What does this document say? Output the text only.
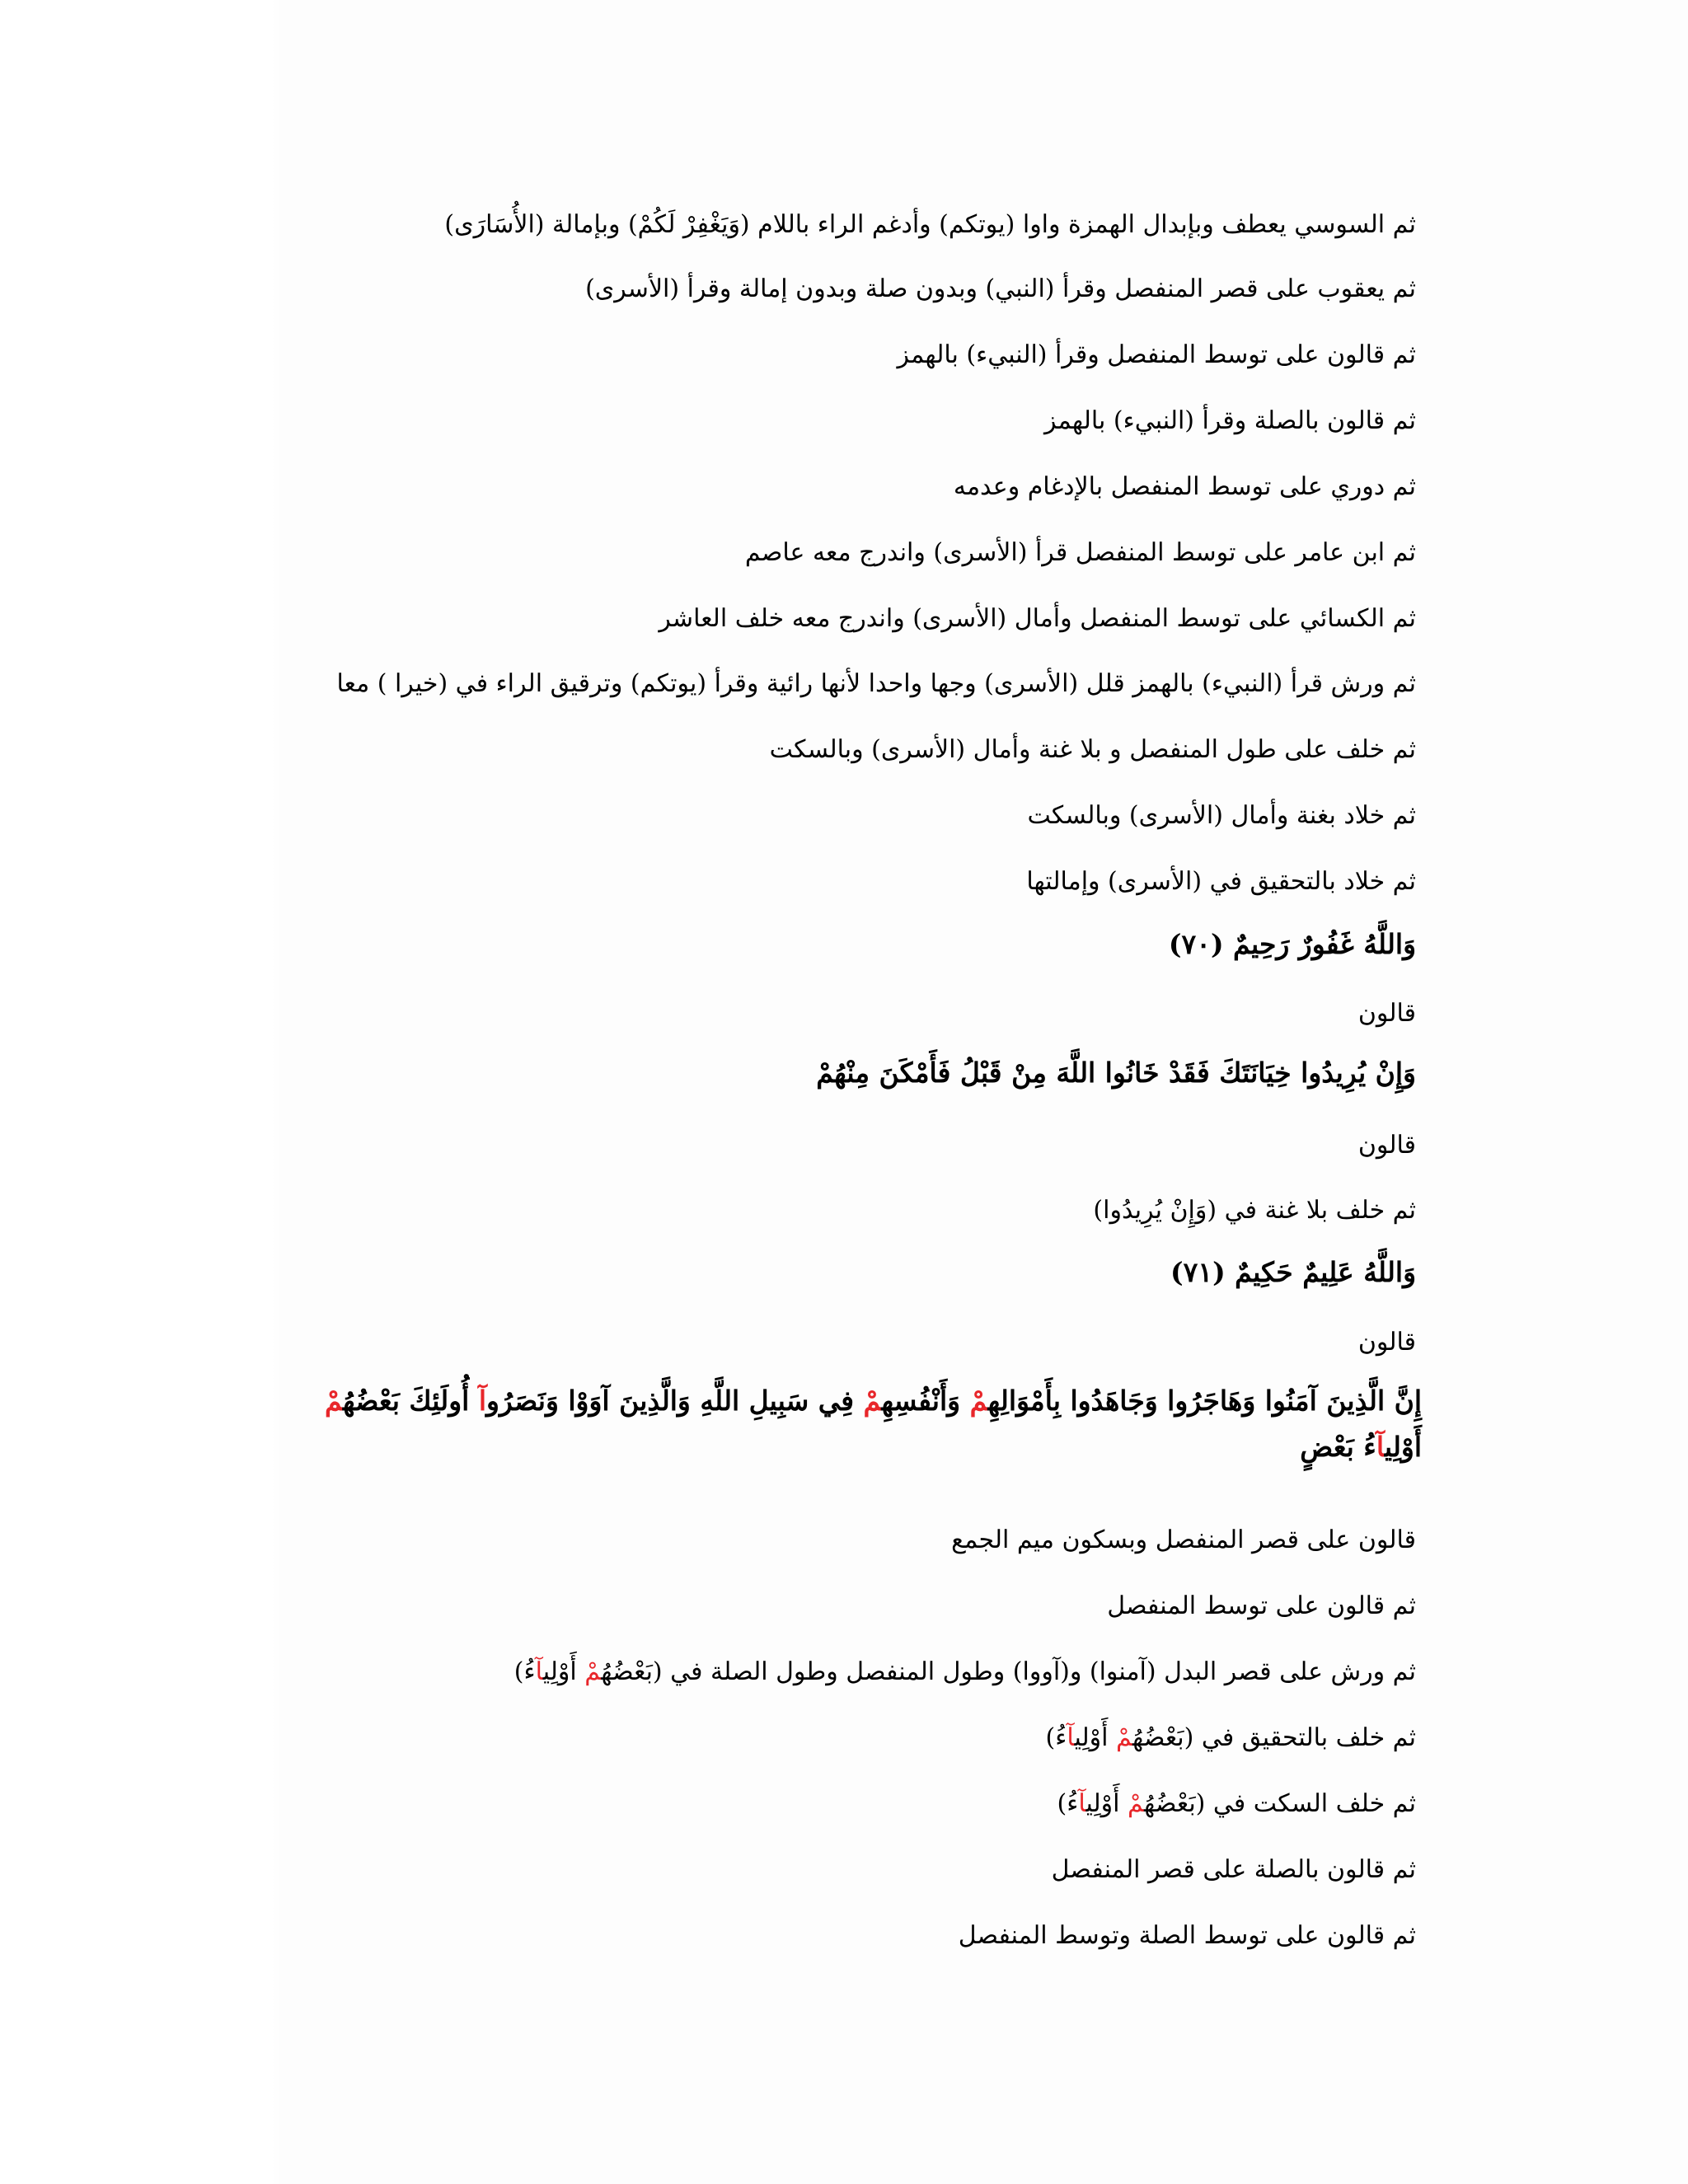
ثم السوسي يعطف وبإبدال الهمزة واوا (يوتكم) وأدغم الراء باللام (وَيَغْفِرْ لَكُمْ) وبإمالة (الأُسَارَى)
ثم يعقوب على قصر المنفصل وقرأ (النبي) وبدون صلة وبدون إمالة وقرأ (الأسرى)
ثم قالون على توسط المنفصل وقرأ (النبيء) بالهمز
ثم قالون بالصلة وقرأ (النبيء) بالهمز
ثم دوري على توسط المنفصل بالإدغام وعدمه
ثم ابن عامر على توسط المنفصل قرأ (الأسرى) واندرج معه عاصم
ثم الكسائي على توسط المنفصل وأمال (الأسرى) واندرج معه خلف العاشر
ثم ورش قرأ (النبيء) بالهمز قلل (الأسرى) وجها واحدا لأنها رائية وقرأ (يوتكم) وترقيق الراء في (خيرا ) معا
ثم خلف على طول المنفصل و بلا غنة وأمال (الأسرى) وبالسكت
ثم خلاد بغنة وأمال (الأسرى) وبالسكت
ثم خلاد بالتحقيق في (الأسرى) وإمالتها
وَاللَّهُ غَفُورٌ رَحِيمٌ (٧٠)
قالون
وَإِنْ يُرِيدُوا خِيَانَتَكَ فَقَدْ خَانُوا اللَّهَ مِنْ قَبْلُ فَأَمْكَنَ مِنْهُمْ
قالون
ثم خلف بلا غنة في (وَإِنْ يُرِيدُوا)
وَاللَّهُ عَلِيمٌ حَكِيمٌ (٧١)
قالون
إِنَّ الَّذِينَ آمَنُوا وَهَاجَرُوا وَجَاهَدُوا بِأَمْوَالِهِمْ وَأَنْفُسِهِمْ فِي سَبِيلِ اللَّهِ وَالَّذِينَ آوَوْا وَنَصَرُوآ أُولَئِكَ بَعْضُهُمْ أَوْلِيآءُ بَعْضٍ
قالون على قصر المنفصل وبسكون ميم الجمع
ثم قالون على توسط المنفصل
ثم ورش على قصر البدل (آمنوا) و(آووا) وطول المنفصل وطول الصلة في (بَعْضُهُمْ أَوْلِيآءُ)
ثم خلف بالتحقيق في (بَعْضُهُمْ أَوْلِيآءُ)
ثم خلف السكت في (بَعْضُهُمْ أَوْلِيآءُ)
ثم قالون بالصلة على قصر المنفصل
ثم قالون على توسط الصلة وتوسط المنفصل
